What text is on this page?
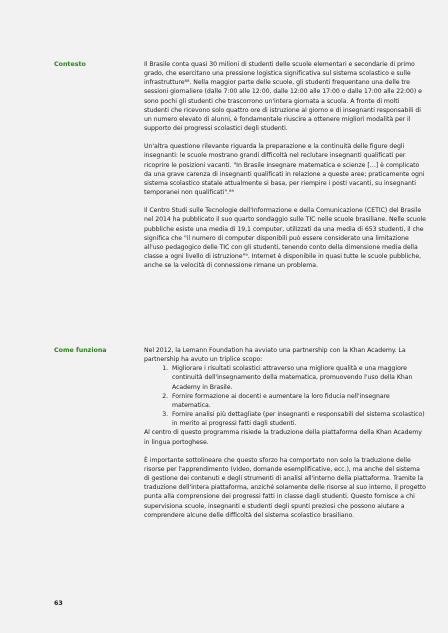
Contesto	Il Brasile conta quasi 30 milioni di studenti delle scuole elementari e secondarie di primo grado, che esercitano una pressione logistica significativa sul sistema scolastico e sulle infrastrutture⁸⁸. Nella maggior parte delle scuole, gli studenti frequentano una delle tre sessioni giornaliere (dalle 7:00 alle 12:00, dalle 12:00 alle 17:00 o dalle 17:00 alle 22:00) e sono pochi gli studenti che trascorrono un'intera giornata a scuola. A fronte di molti studenti che ricevono solo quattro ore di istruzione al giorno e di insegnanti responsabili di un numero elevato di alunni, è fondamentale riuscire a ottenere migliori modalità per il supporto dei progressi scolastici degli studenti.

Un'altra questione rilevante riguarda la preparazione e la continuità delle figure degli insegnanti: le scuole mostrano grandi difficoltà nel reclutare insegnanti qualificati per ricoprire le posizioni vacanti. "In Brasile insegnare matematica e scienze […] è complicato da una grave carenza di insegnanti qualificati in relazione a queste aree; praticamente ogni sistema scolastico statale attualmente si basa, per riempire i posti vacanti, su insegnanti temporanei non qualificati".⁸⁹

Il Centro Studi sulle Tecnologie dell'Informazione e della Comunicazione (CETIC) del Brasile nel 2014 ha pubblicato il suo quarto sondaggio sulle TIC nelle scuole brasiliane. Nelle scuole pubbliche esiste una media di 19,1 computer, utilizzati da una media di 653 studenti, il che significa che "il numero di computer disponibili può essere considerato una limitazione all'uso pedagogico delle TIC con gli studenti, tenendo conto della dimensione media della classe a ogni livello di istruzione"⁹. Internet è disponibile in quasi tutte le scuole pubbliche, anche se la velocità di connessione rimane un problema.

Come funziona	Nel 2012, la Lemann Foundation ha avviato una partnership con la Khan Academy. La partnership ha avuto un triplice scopo:

1. Migliorare i risultati scolastici attraverso una migliore qualità e una maggiore continuità dell'insegnamento della matematica, promuovendo l'uso della Khan Academy in Brasile.
2. Fornire formazione ai docenti e aumentare la loro fiducia nell'insegnare matematica.
3. Fornire analisi più dettagliate (per insegnanti e responsabili del sistema scolastico) in merito ai progressi fatti dagli studenti.

Al centro di questo programma risiede la traduzione della piattaforma della Khan Academy in lingua portoghese.

È importante sottolineare che questo sforzo ha comportato non solo la traduzione delle risorse per l'apprendimento (video, domande esemplificative, ecc.), ma anche del sistema di gestione dei contenuti e degli strumenti di analisi all'interno della piattaforma. Tramite la traduzione dell'intera piattaforma, anziché solamente delle risorse al suo interno, il progetto punta alla comprensione dei progressi fatti in classe dagli studenti. Questo fornisce a chi supervisiona scuole, insegnanti e studenti degli spunti preziosi che possono aiutare a comprendere alcune delle difficoltà del sistema scolastico brasiliano.

63
